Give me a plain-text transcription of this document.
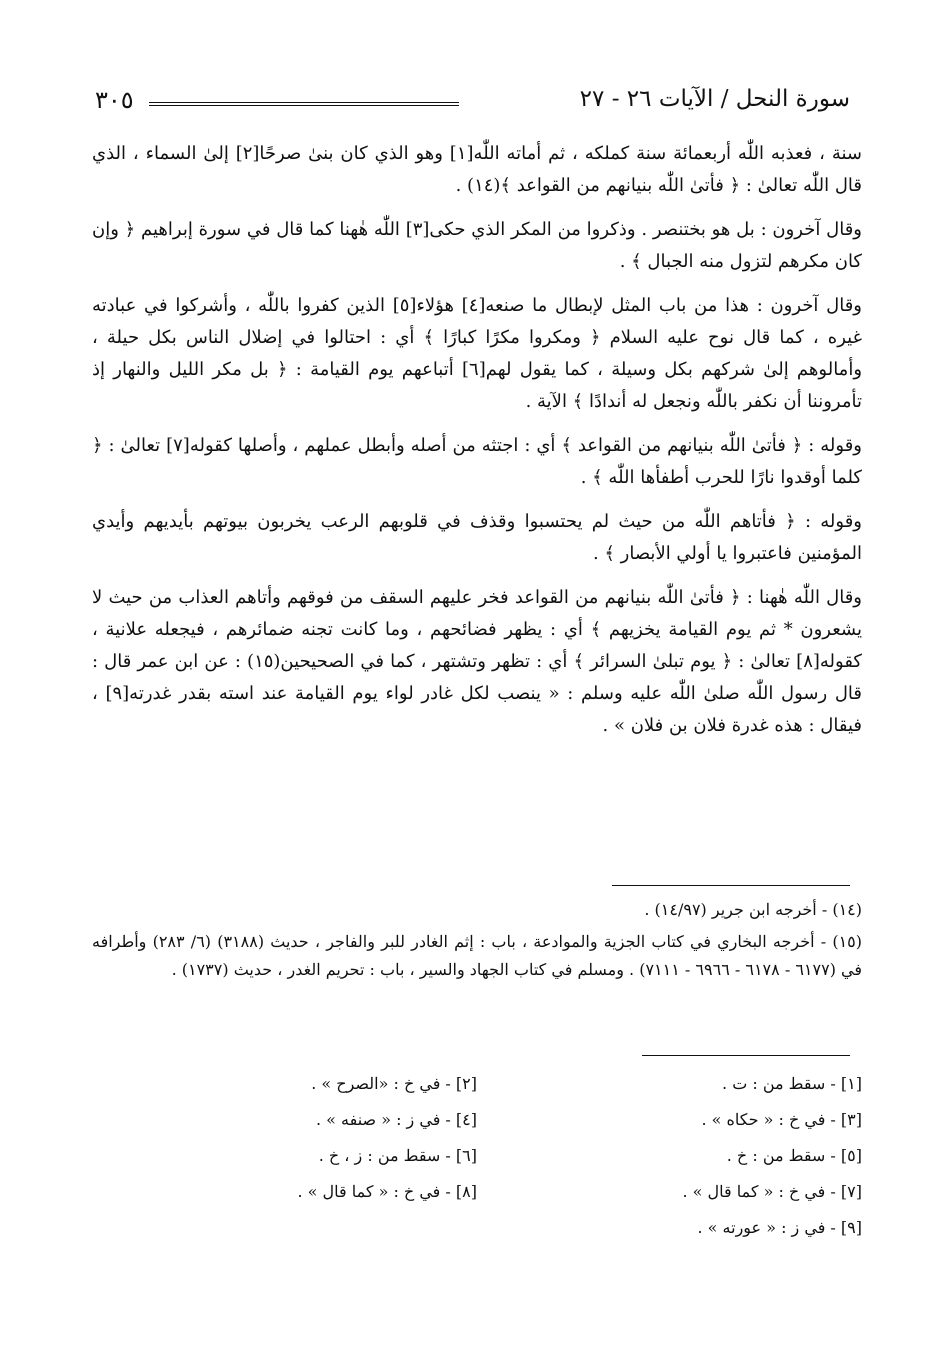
٣٠٥	سورة النحل / الآيات ٢٦ - ٢٧

سنة ، فعذبه اللّٰه أربعمائة سنة كملكه ، ثم أماته اللّٰه[١] وهو الذي كان بنىٰ صرحًا[٢] إلىٰ السماء ، الذي قال اللّٰه تعالىٰ : ﴿ فأتىٰ اللّٰه بنيانهم من القواعد ﴾(١٤) .

وقال آخرون : بل هو بختنصر . وذكروا من المكر الذي حكى[٣] اللّٰه هٰهنا كما قال في سورة إبراهيم ﴿ وإن كان مكرهم لتزول منه الجبال ﴾ .

وقال آخرون : هذا من باب المثل لإبطال ما صنعه[٤] هؤلاء[٥] الذين كفروا باللّٰه ، وأشركوا في عبادته غيره ، كما قال نوح عليه السلام ﴿ ومكروا مكرًا كبارًا ﴾ أي : احتالوا في إضلال الناس بكل حيلة ، وأمالوهم إلىٰ شركهم بكل وسيلة ، كما يقول لهم[٦] أتباعهم يوم القيامة : ﴿ بل مكر الليل والنهار إذ تأمروننا أن نكفر باللّٰه ونجعل له أندادًا ﴾ الآية .

وقوله : ﴿ فأتىٰ اللّٰه بنيانهم من القواعد ﴾ أي : اجتثه من أصله وأبطل عملهم ، وأصلها كقوله[٧] تعالىٰ : ﴿ كلما أوقدوا نارًا للحرب أطفأها اللّٰه ﴾ .

وقوله : ﴿ فأتاهم اللّٰه من حيث لم يحتسبوا وقذف في قلوبهم الرعب يخربون بيوتهم بأيديهم وأيدي المؤمنين فاعتبروا يا أولي الأبصار ﴾ .

وقال اللّٰه هٰهنا : ﴿ فأتىٰ اللّٰه بنيانهم من القواعد فخر عليهم السقف من فوقهم وأتاهم العذاب من حيث لا يشعرون * ثم يوم القيامة يخزيهم ﴾ أي : يظهر فضائحهم ، وما كانت تجنه ضمائرهم ، فيجعله علانية ، كقوله[٨] تعالىٰ : ﴿ يوم تبلىٰ السرائر ﴾ أي : تظهر وتشتهر ، كما في الصحيحين(١٥) : عن ابن عمر قال : قال رسول اللّٰه صلىٰ اللّٰه عليه وسلم : « ينصب لكل غادر لواء يوم القيامة عند استه بقدر غدرته[٩] ، فيقال : هذه غدرة فلان بن فلان » .

(١٤) - أخرجه ابن جرير (١٤/٩٧) .

(١٥) - أخرجه البخاري في كتاب الجزية والموادعة ، باب : إثم الغادر للبر والفاجر ، حديث (٣١٨٨) (٦/ ٢٨٣) وأطرافه في (٦١٧٧ - ٦١٧٨ - ٦٩٦٦ - ٧١١١) . ومسلم في كتاب الجهاد والسير ، باب : تحريم الغدر ، حديث (١٧٣٧) .

[١] - سقط من : ت .
[٢] - في خ : «الصرح » .
[٣] - في خ : « حكاه » .
[٤] - في ز : « صنفه » .
[٥] - سقط من : خ .
[٦] - سقط من : ز ، خ .
[٧] - في خ : « كما قال » .
[٨] - في خ : « كما قال » .
[٩] - في ز : « عورته » .
